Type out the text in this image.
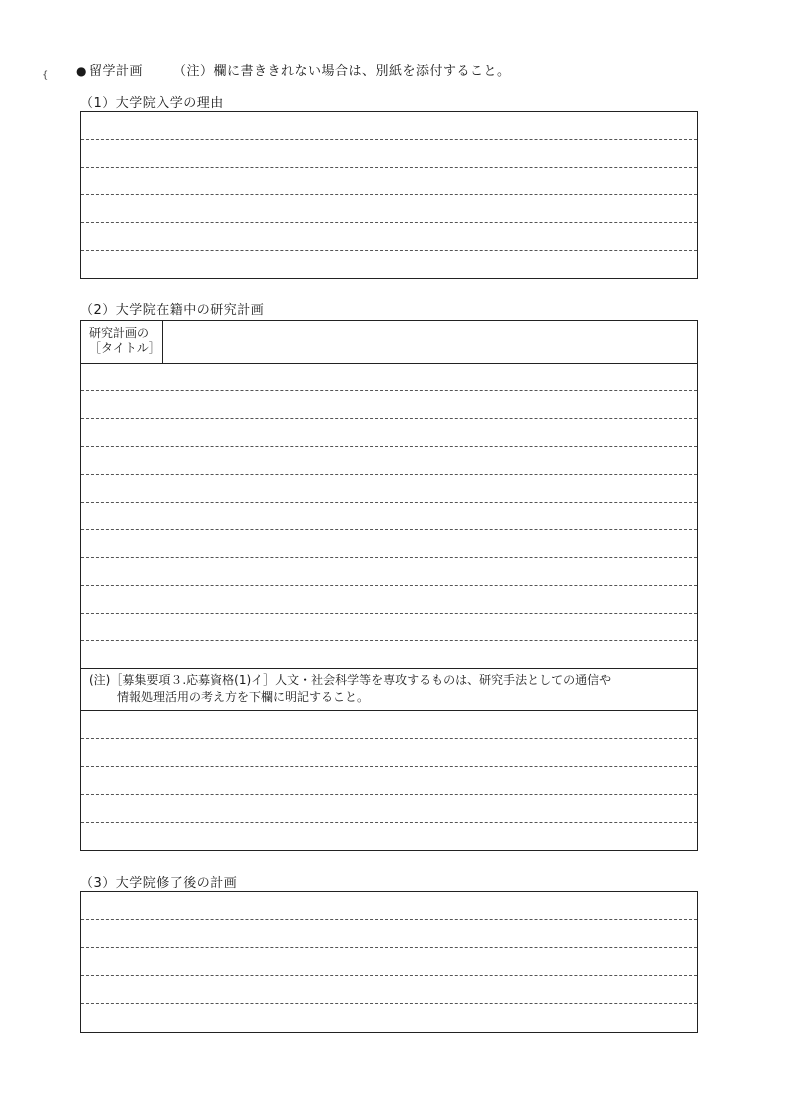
{ ● 留学計画 （注）欄に書ききれない場合は、別紙を添付すること。
（1）大学院入学の理由
（2）大学院在籍中の研究計画
研究計画の
［タイトル］
(注)［募集要項３.応募資格(1)イ］人文・社会科学等を専攻するものは、研究手法としての通信や
情報処理活用の考え方を下欄に明記すること。
（3）大学院修了後の計画
